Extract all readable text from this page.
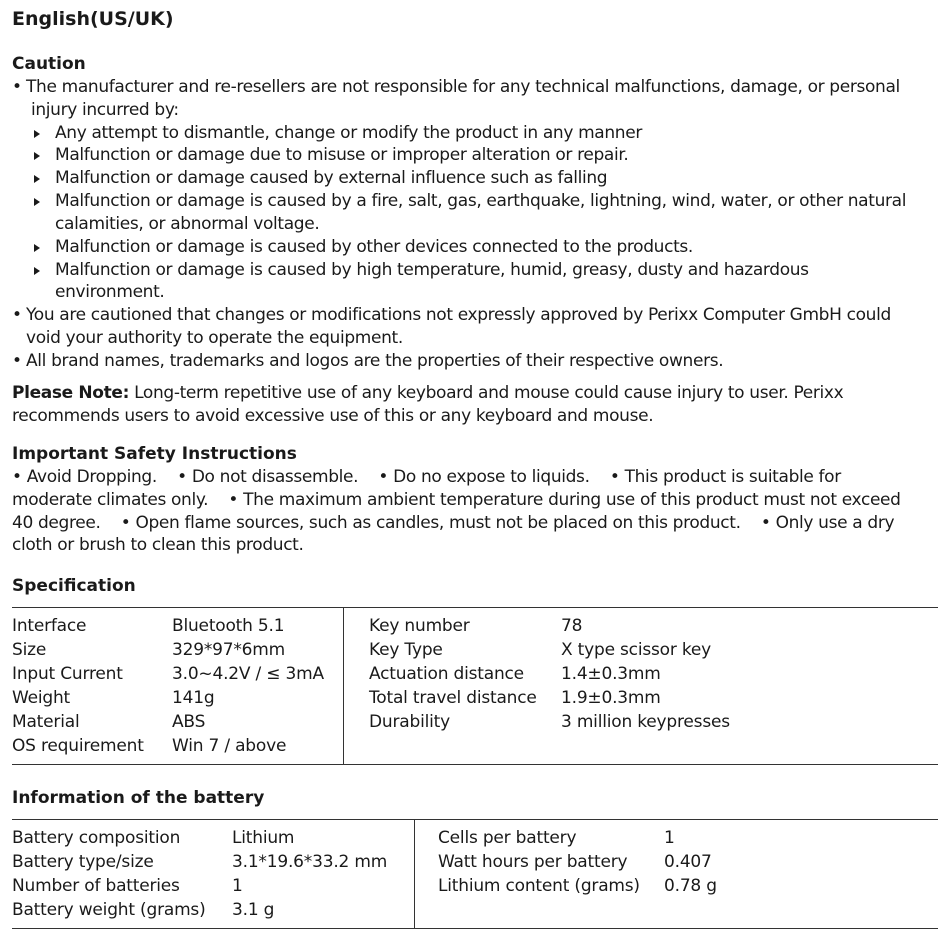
English(US/UK)
Caution
• The manufacturer and re-resellers are not responsible for any technical malfunctions, damage, or personal
injury incurred by:
Any attempt to dismantle, change or modify the product in any manner
Malfunction or damage due to misuse or improper alteration or repair.
Malfunction or damage caused by external influence such as falling
Malfunction or damage is caused by a fire, salt, gas, earthquake, lightning, wind, water, or other natural
calamities, or abnormal voltage.
Malfunction or damage is caused by other devices connected to the products.
Malfunction or damage is caused by high temperature, humid, greasy, dusty and hazardous
environment.
• You are cautioned that changes or modifications not expressly approved by Perixx Computer GmbH could
void your authority to operate the equipment.
• All brand names, trademarks and logos are the properties of their respective owners.
Please Note: Long-term repetitive use of any keyboard and mouse could cause injury to user. Perixx
recommends users to avoid excessive use of this or any keyboard and mouse.
Important Safety Instructions
• Avoid Dropping.    • Do not disassemble.    • Do no expose to liquids.    • This product is suitable for
moderate climates only.    • The maximum ambient temperature during use of this product must not exceed
40 degree.    • Open flame sources, such as candles, must not be placed on this product.    • Only use a dry
cloth or brush to clean this product.
Specification
Interface	Bluetooth 5.1
Size	329*97*6mm
Input Current	3.0~4.2V / ≤ 3mA
Weight	141g
Material	ABS
OS requirement Win 7 / above
Key number	78
Key Type	X type scissor key
Actuation distance 1.4±0.3mm
Total travel distance 1.9±0.3mm
Durability	3 million keypresses
Information of the battery
Battery composition	Lithium
Battery type/size	3.1*19.6*33.2 mm
Number of batteries	1
Battery weight (grams) 3.1 g
Cells per battery	1
Watt hours per battery 0.407
Lithium content (grams) 0.78 g
